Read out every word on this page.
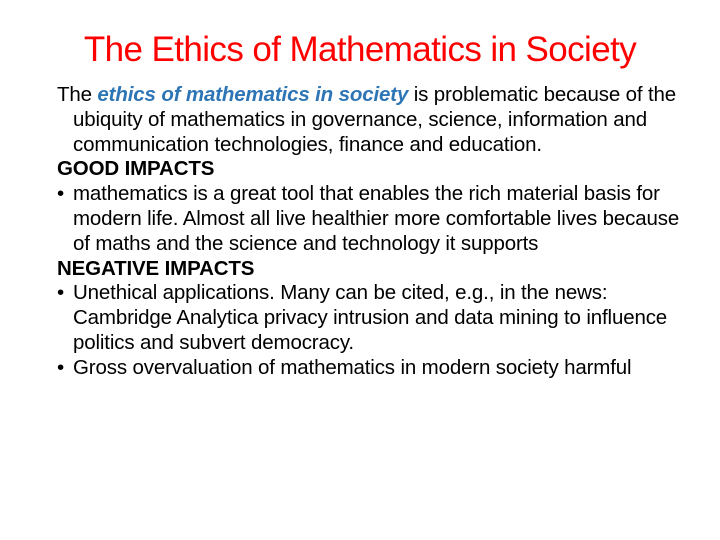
The Ethics of Mathematics in Society

The ethics of mathematics in society is problematic because of the ubiquity of mathematics in governance, science, information and communication technologies, finance and education.

GOOD IMPACTS

• mathematics is a great tool that enables the rich material basis for modern life. Almost all live healthier more comfortable lives because of maths and the science and technology it supports

NEGATIVE IMPACTS

• Unethical applications. Many can be cited, e.g., in the news: Cambridge Analytica privacy intrusion and data mining to influence politics and subvert democracy.

• Gross overvaluation of mathematics in modern society harmful
